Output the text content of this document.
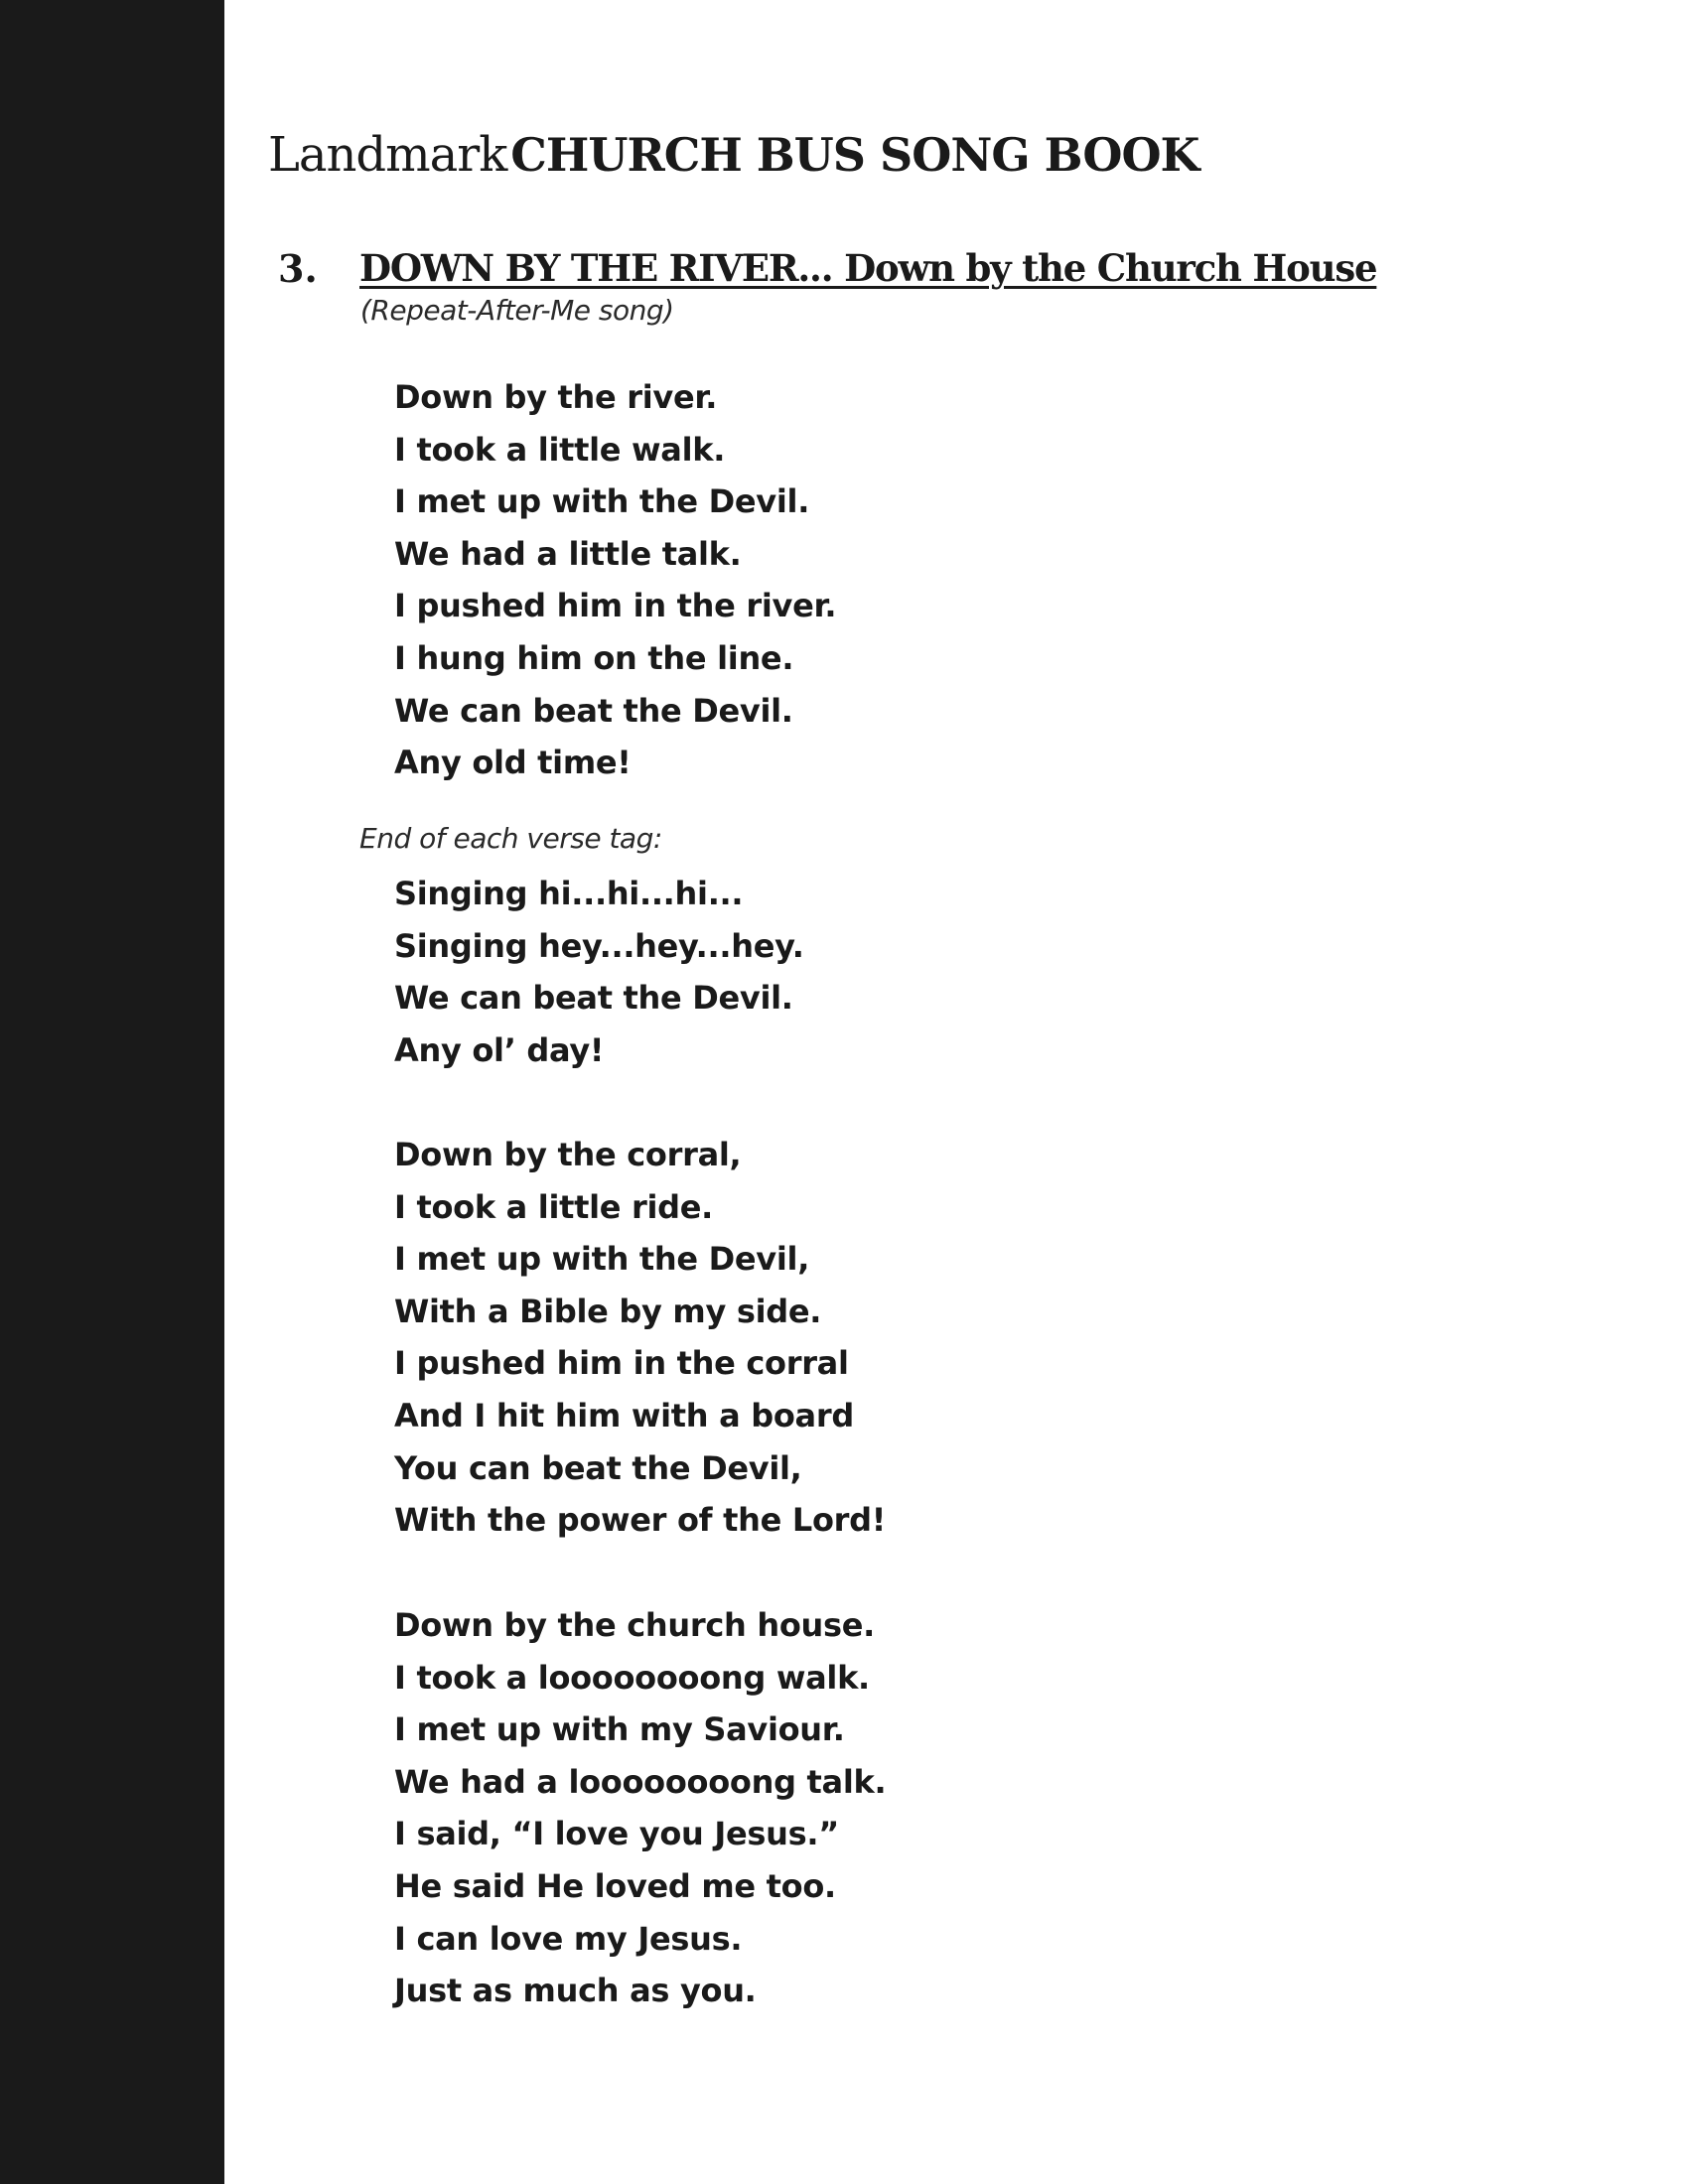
Landmark CHURCH BUS SONG BOOK
3. DOWN BY THE RIVER... Down by the Church House
(Repeat-After-Me song)
Down by the river.
I took a little walk.
I met up with the Devil.
We had a little talk.
I pushed him in the river.
I hung him on the line.
We can beat the Devil.
Any old time!
End of each verse tag:
Singing hi...hi...hi...
Singing hey...hey...hey.
We can beat the Devil.
Any ol’ day!
Down by the corral,
I took a little ride.
I met up with the Devil,
With a Bible by my side.
I pushed him in the corral
And I hit him with a board
You can beat the Devil,
With the power of the Lord!
Down by the church house.
I took a loooooooong walk.
I met up with my Saviour.
We had a loooooooong talk.
I said, “I love you Jesus.”
He said He loved me too.
I can love my Jesus.
Just as much as you.
